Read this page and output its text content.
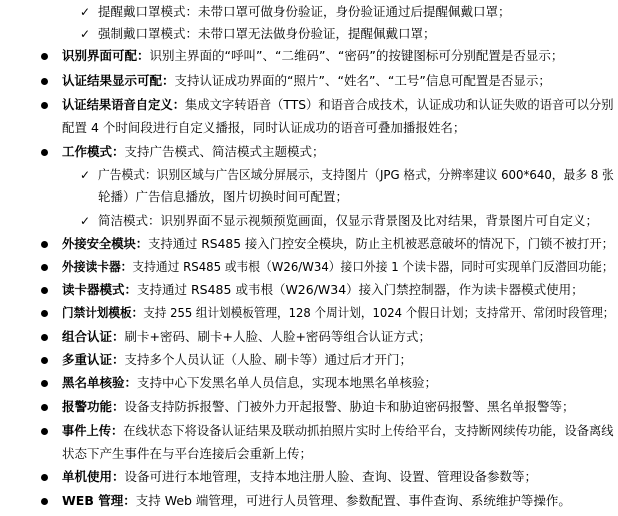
✓ 提醒戴口罩模式：未带口罩可做身份验证，身份验证通过后提醒佩戴口罩；
✓ 强制戴口罩模式：未带口罩无法做身份验证，提醒佩戴口罩；
识别界面可配：识别主界面的“呼叫”、“二维码”、“密码”的按键图标可分别配置是否显示；
认证结果显示可配：支持认证成功界面的“照片”、“姓名”、“工号”信息可配置是否显示；
认证结果语音自定义：集成文字转语音（TTS）和语音合成技术，认证成功和认证失败的语音可以分别
配置 4 个时间段进行自定义播报，同时认证成功的语音可叠加播报姓名；
工作模式：支持广告模式、简洁模式主题模式；
✓ 广告模式：识别区域与广告区域分屏展示，支持图片（JPG 格式，分辨率建议 600*640，最多 8 张
轮播）广告信息播放，图片切换时间可配置；
✓ 简洁模式：识别界面不显示视频预览画面，仅显示背景图及比对结果，背景图片可自定义；
外接安全模块：支持通过 RS485 接入门控安全模块，防止主机被恶意破坏的情况下，门锁不被打开；
外接读卡器：支持通过 RS485 或韦根（W26/W34）接口外接 1 个读卡器，同时可实现单门反潜回功能；
读卡器模式：支持通过 RS485 或韦根（W26/W34）接入门禁控制器，作为读卡器模式使用；
门禁计划模板：支持 255 组计划模板管理，128 个周计划，1024 个假日计划；支持常开、常闭时段管理；
组合认证：刷卡+密码、刷卡+人脸、人脸+密码等组合认证方式；
多重认证：支持多个人员认证（人脸、刷卡等）通过后才开门；
黑名单核验：支持中心下发黑名单人员信息，实现本地黑名单核验；
报警功能：设备支持防拆报警、门被外力开起报警、胁迫卡和胁迫密码报警、黑名单报警等；
事件上传：在线状态下将设备认证结果及联动抓拍照片实时上传给平台，支持断网续传功能，设备离线
状态下产生事件在与平台连接后会重新上传；
单机使用：设备可进行本地管理，支持本地注册人脸、查询、设置、管理设备参数等；
WEB 管理：支持 Web 端管理，可进行人员管理、参数配置、事件查询、系统维护等操作。
